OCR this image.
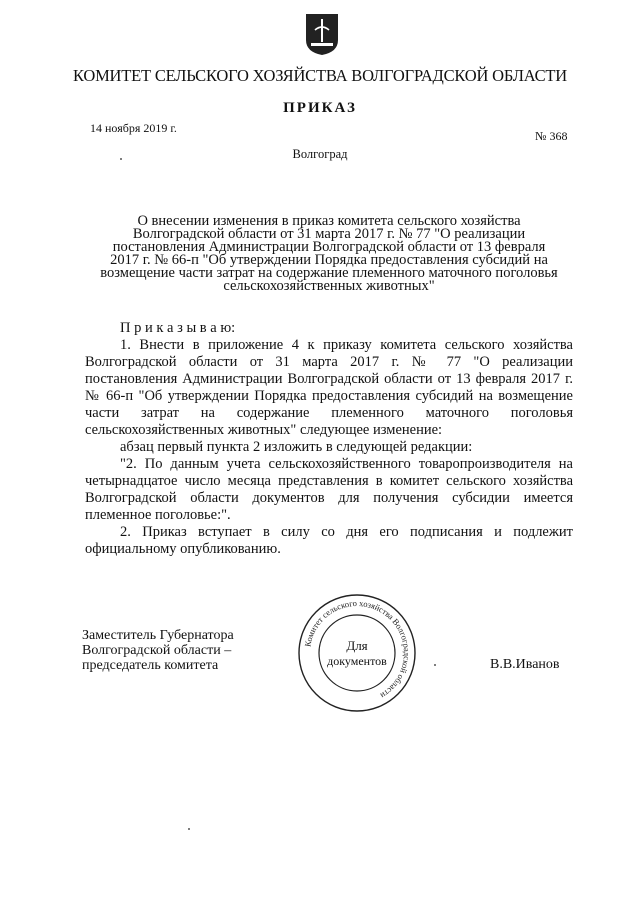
КОМИТЕТ СЕЛЬСКОГО ХОЗЯЙСТВА ВОЛГОГРАДСКОЙ ОБЛАСТИ
ПРИКАЗ
14 ноября 2019 г.
№ 368
Волгоград
О внесении изменения в приказ комитета сельского хозяйства
Волгоградской области от 31 марта 2017 г. № 77 "О реализации
постановления Администрации Волгоградской области от 13 февраля
2017 г. № 66-п "Об утверждении Порядка предоставления субсидий на
возмещение части затрат на содержание племенного маточного поголовья
сельскохозяйственных животных"

П р и к а з ы в а ю:

1. Внести в приложение 4 к приказу комитета сельского хозяйства Волгоградской области от 31 марта 2017 г. № 77 "О реализации постановления Администрации Волгоградской области от 13 февраля 2017 г. № 66-п "Об утверждении Порядка предоставления субсидий на возмещение части затрат на содержание племенного маточного поголовья сельскохозяйственных животных" следующее изменение:

абзац первый пункта 2 изложить в следующей редакции:

"2. По данным учета сельскохозяйственного товаропроизводителя на четырнадцатое число месяца представления в комитет сельского хозяйства Волгоградской области документов для получения субсидии имеется племенное поголовье:".

2. Приказ вступает в силу со дня его подписания и подлежит официальному опубликованию.

Заместитель Губернатора
Волгоградской области –
председатель комитета	В.В.Иванов
Комитет сельского хозяйства Волгоградской области
Для
документов
